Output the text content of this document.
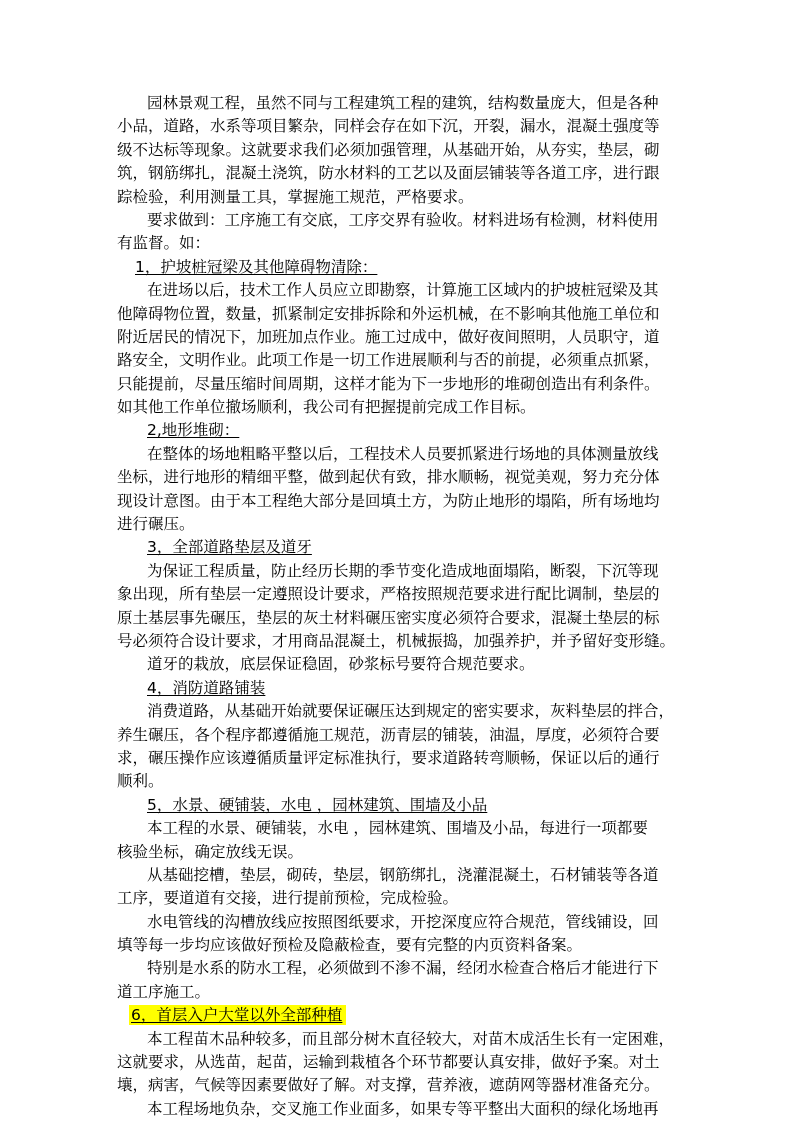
园林景观工程，虽然不同与工程建筑工程的建筑，结构数量庞大，但是各种
小品，道路，水系等项目繁杂，同样会存在如下沉，开裂，漏水，混凝土强度等
级不达标等现象。这就要求我们必须加强管理，从基础开始，从夯实，垫层，砌
筑，钢筋绑扎，混凝土浇筑，防水材料的工艺以及面层铺装等各道工序，进行跟
踪检验，利用测量工具，掌握施工规范，严格要求。
要求做到：工序施工有交底，工序交界有验收。材料进场有检测，材料使用
有监督。如：
1，护坡桩冠梁及其他障碍物清除：
在进场以后，技术工作人员应立即勘察，计算施工区域内的护坡桩冠梁及其
他障碍物位置，数量，抓紧制定安排拆除和外运机械，在不影响其他施工单位和
附近居民的情况下，加班加点作业。施工过成中，做好夜间照明，人员职守，道
路安全，文明作业。此项工作是一切工作进展顺利与否的前提，必须重点抓紧，
只能提前，尽量压缩时间周期，这样才能为下一步地形的堆砌创造出有利条件。
如其他工作单位撤场顺利，我公司有把握提前完成工作目标。
2,地形堆砌：
在整体的场地粗略平整以后，工程技术人员要抓紧进行场地的具体测量放线
坐标，进行地形的精细平整，做到起伏有致，排水顺畅，视觉美观，努力充分体
现设计意图。由于本工程绝大部分是回填土方，为防止地形的塌陷，所有场地均
进行碾压。
3，全部道路垫层及道牙
为保证工程质量，防止经历长期的季节变化造成地面塌陷，断裂，下沉等现
象出现，所有垫层一定遵照设计要求，严格按照规范要求进行配比调制，垫层的
原土基层事先碾压，垫层的灰土材料碾压密实度必须符合要求，混凝土垫层的标
号必须符合设计要求，才用商品混凝土，机械振捣，加强养护，并予留好变形缝。
道牙的栽放，底层保证稳固，砂浆标号要符合规范要求。
4，消防道路铺装
消费道路，从基础开始就要保证碾压达到规定的密实要求，灰料垫层的拌合，
养生碾压，各个程序都遵循施工规范，沥青层的铺装，油温，厚度，必须符合要
求，碾压操作应该遵循质量评定标准执行，要求道路转弯顺畅，保证以后的通行
顺利。
5，水景、硬铺装，水电 ，园林建筑、围墙及小品
本工程的水景、硬铺装，水电 ，园林建筑、围墙及小品，每进行一项都要
核验坐标，确定放线无误。
从基础挖槽，垫层，砌砖，垫层，钢筋绑扎，浇灌混凝土，石材铺装等各道
工序，要道道有交接，进行提前预检，完成检验。
水电管线的沟槽放线应按照图纸要求，开挖深度应符合规范，管线铺设，回
填等每一步均应该做好预检及隐蔽检查，要有完整的内页资料备案。
特别是水系的防水工程，必须做到不渗不漏，经闭水检查合格后才能进行下
道工序施工。
6，首层入户大堂以外全部种植
本工程苗木品种较多，而且部分树木直径较大，对苗木成活生长有一定困难，
这就要求，从选苗，起苗，运输到栽植各个环节都要认真安排，做好予案。对土
壤，病害，气候等因素要做好了解。对支撑，营养液，遮荫网等器材准备充分。
本工程场地负杂，交叉施工作业面多，如果专等平整出大面积的绿化场地再
